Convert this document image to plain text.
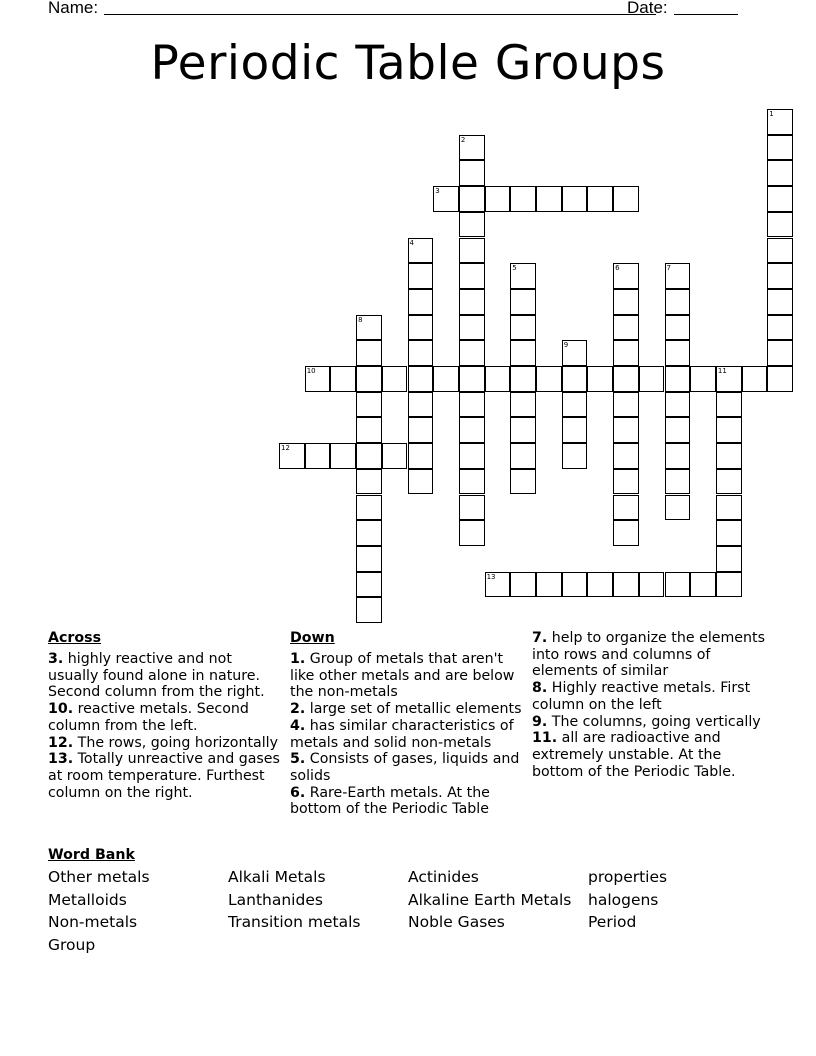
Name:	Date:
Periodic Table Groups
1
2
3
4
5	6	7
8
9
10	11
12
13
Across

3. highly reactive and not usually found alone in nature. Second column from the right.

10. reactive metals. Second column from the left.

12. The rows, going horizontally

13. Totally unreactive and gases at room temperature. Furthest column on the right.

Down

1. Group of metals that aren't like other metals and are below the non-metals

2. large set of metallic elements

4. has similar characteristics of metals and solid non-metals

5. Consists of gases, liquids and solids

6. Rare-Earth metals. At the bottom of the Periodic Table

7. help to organize the elements into rows and columns of elements of similar

8. Highly reactive metals. First column on the left

9. The columns, going vertically

11. all are radioactive and extremely unstable. At the bottom of the Periodic Table.

Word Bank
Other metals	Alkali Metals	Actinides	properties
Metalloids	Lanthanides	Alkaline Earth Metals	halogens
Non-metals	Transition metals	Noble Gases	Period
Group
